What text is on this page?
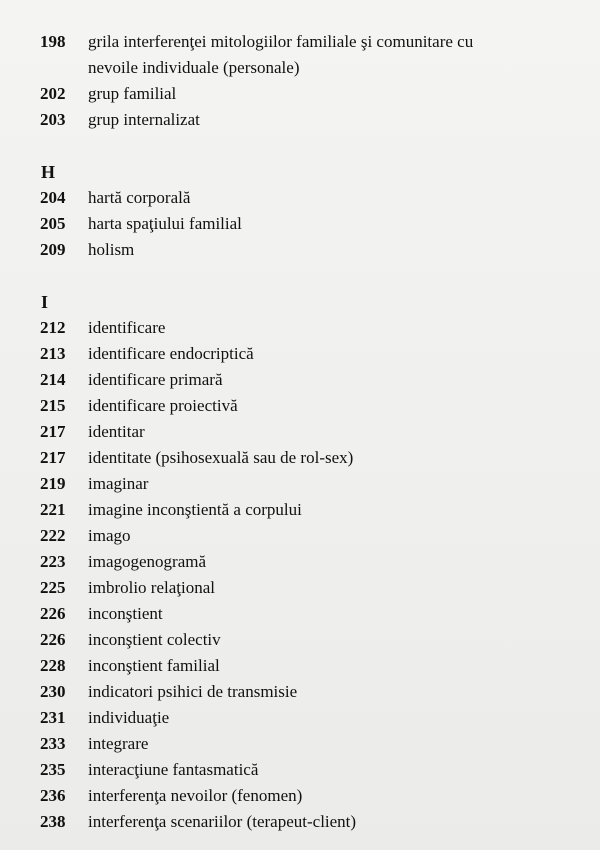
198	grila interferenţei mitologiilor familiale şi comunitare cu
nevoile individuale (personale)
202	grup familial
203	grup internalizat
H
204	hartă corporală
205	harta spaţiului familial
209	holism
I
212	identificare
213	identificare endocriptică
214	identificare primară
215	identificare proiectivă
217	identitar
217	identitate (psihosexuală sau de rol-sex)
219	imaginar
221	imagine inconştientă a corpului
222	imago
223	imagogenogramă
225	imbrolio relaţional
226	inconştient
226	inconştient colectiv
228	inconştient familial
230	indicatori psihici de transmisie
231	individuaţie
233	integrare
235	interacţiune fantasmatică
236	interferenţa nevoilor (fenomen)
238	interferenţa scenariilor (terapeut-client)
